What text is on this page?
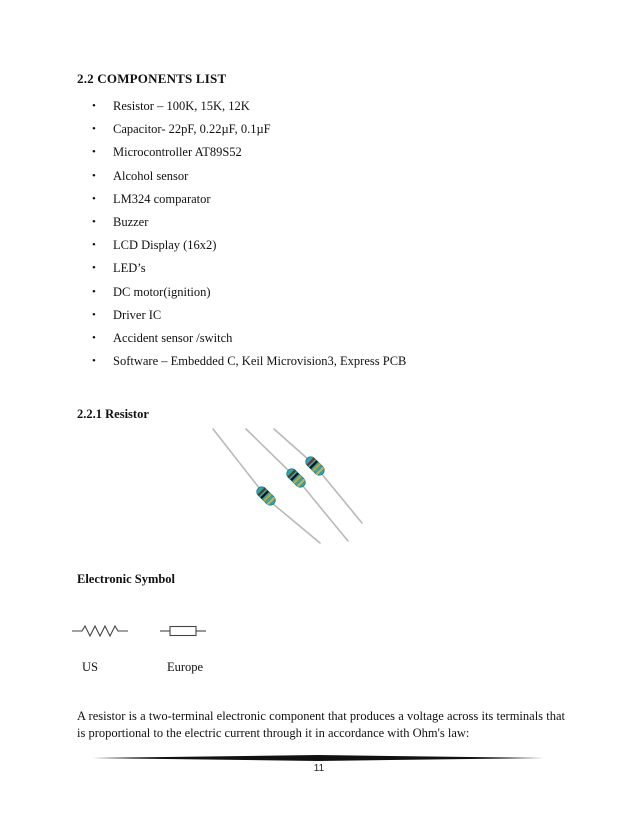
2.2 COMPONENTS LIST
• Resistor – 100K, 15K, 12K
• Capacitor- 22pF, 0.22µF, 0.1µF
• Microcontroller AT89S52
• Alcohol sensor
• LM324 comparator
• Buzzer
• LCD Display (16x2)
• LED’s
• DC motor(ignition)
• Driver IC
• Accident sensor /switch
• Software – Embedded C, Keil Microvision3, Express PCB
2.2.1 Resistor
Electronic Symbol
US	Europe
A resistor is a two-terminal electronic component that produces a voltage across its terminals that is proportional to the electric current through it in accordance with Ohm's law:
11
